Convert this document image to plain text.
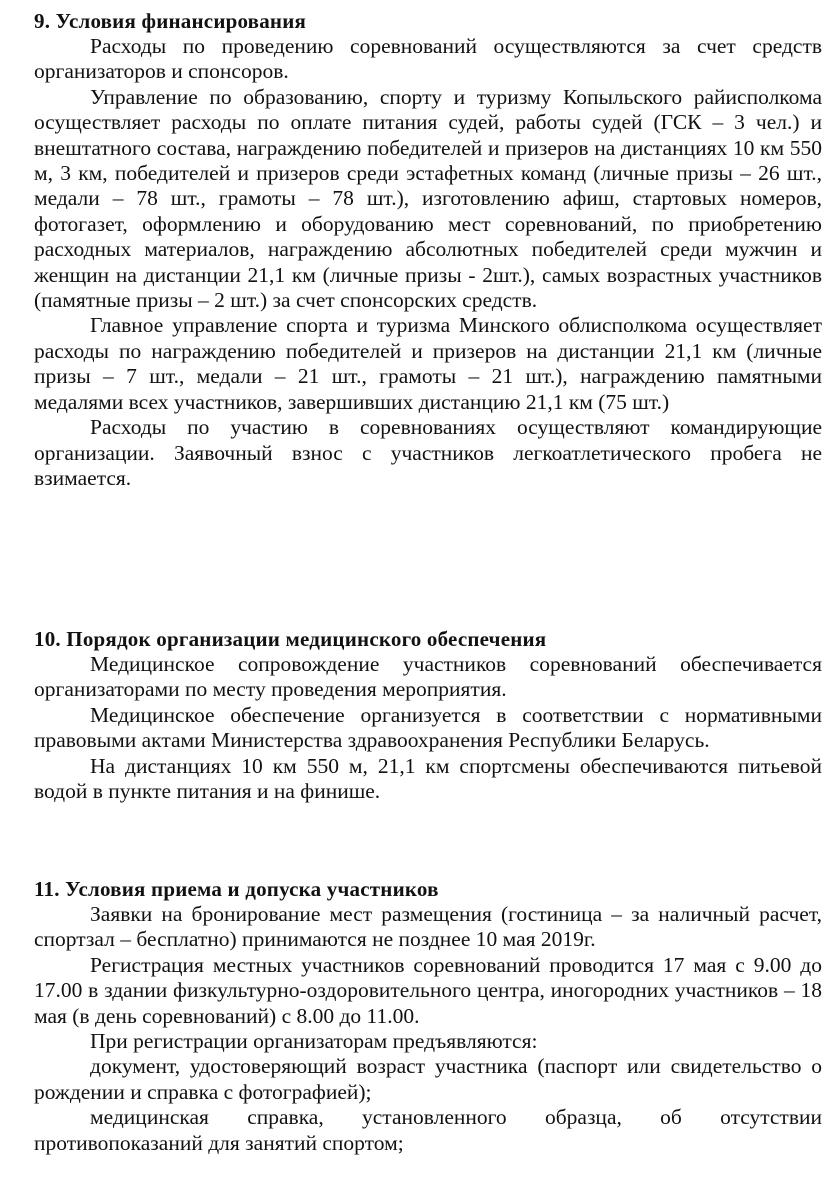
9. Условия финансирования

Расходы по проведению соревнований осуществляются за счет средств организаторов и спонсоров.

Управление по образованию, спорту и туризму Копыльского райисполкома осуществляет расходы по оплате питания судей, работы судей (ГСК – 3 чел.) и внештатного состава, награждению победителей и призеров на дистанциях 10 км 550 м, 3 км, победителей и призеров среди эстафетных команд (личные призы – 26 шт., медали – 78 шт., грамоты – 78 шт.), изготовлению афиш, стартовых номеров, фотогазет, оформлению и оборудованию мест соревнований, по приобретению расходных материалов, награждению абсолютных победителей среди мужчин и женщин на дистанции 21,1 км (личные призы - 2шт.), самых возрастных участников (памятные призы – 2 шт.) за счет спонсорских средств.

Главное управление спорта и туризма Минского облисполкома осуществляет расходы по награждению победителей и призеров на дистанции 21,1 км (личные призы – 7 шт., медали – 21 шт., грамоты – 21 шт.), награждению памятными медалями всех участников, завершивших дистанцию 21,1 км (75 шт.)

Расходы по участию в соревнованиях осуществляют командирующие организации. Заявочный взнос с участников легкоатлетического пробега не взимается.

10. Порядок организации медицинского обеспечения

Медицинское сопровождение участников соревнований обеспечивается организаторами по месту проведения мероприятия.

Медицинское обеспечение организуется в соответствии с нормативными правовыми актами Министерства здравоохранения Республики Беларусь.

На дистанциях 10 км 550 м, 21,1 км спортсмены обеспечиваются питьевой водой в пункте питания и на финише.

11. Условия приема и допуска участников

Заявки на бронирование мест размещения (гостиница – за наличный расчет, спортзал – бесплатно) принимаются не позднее 10 мая 2019г.

Регистрация местных участников соревнований проводится 17 мая с 9.00 до 17.00 в здании физкультурно-оздоровительного центра, иногородних участников – 18 мая (в день соревнований) с 8.00 до 11.00.

При регистрации организаторам предъявляются:

документ, удостоверяющий возраст участника (паспорт или свидетельство о рождении и справка с фотографией);

медицинская справка, установленного образца, об отсутствии противопоказаний для занятий спортом;
